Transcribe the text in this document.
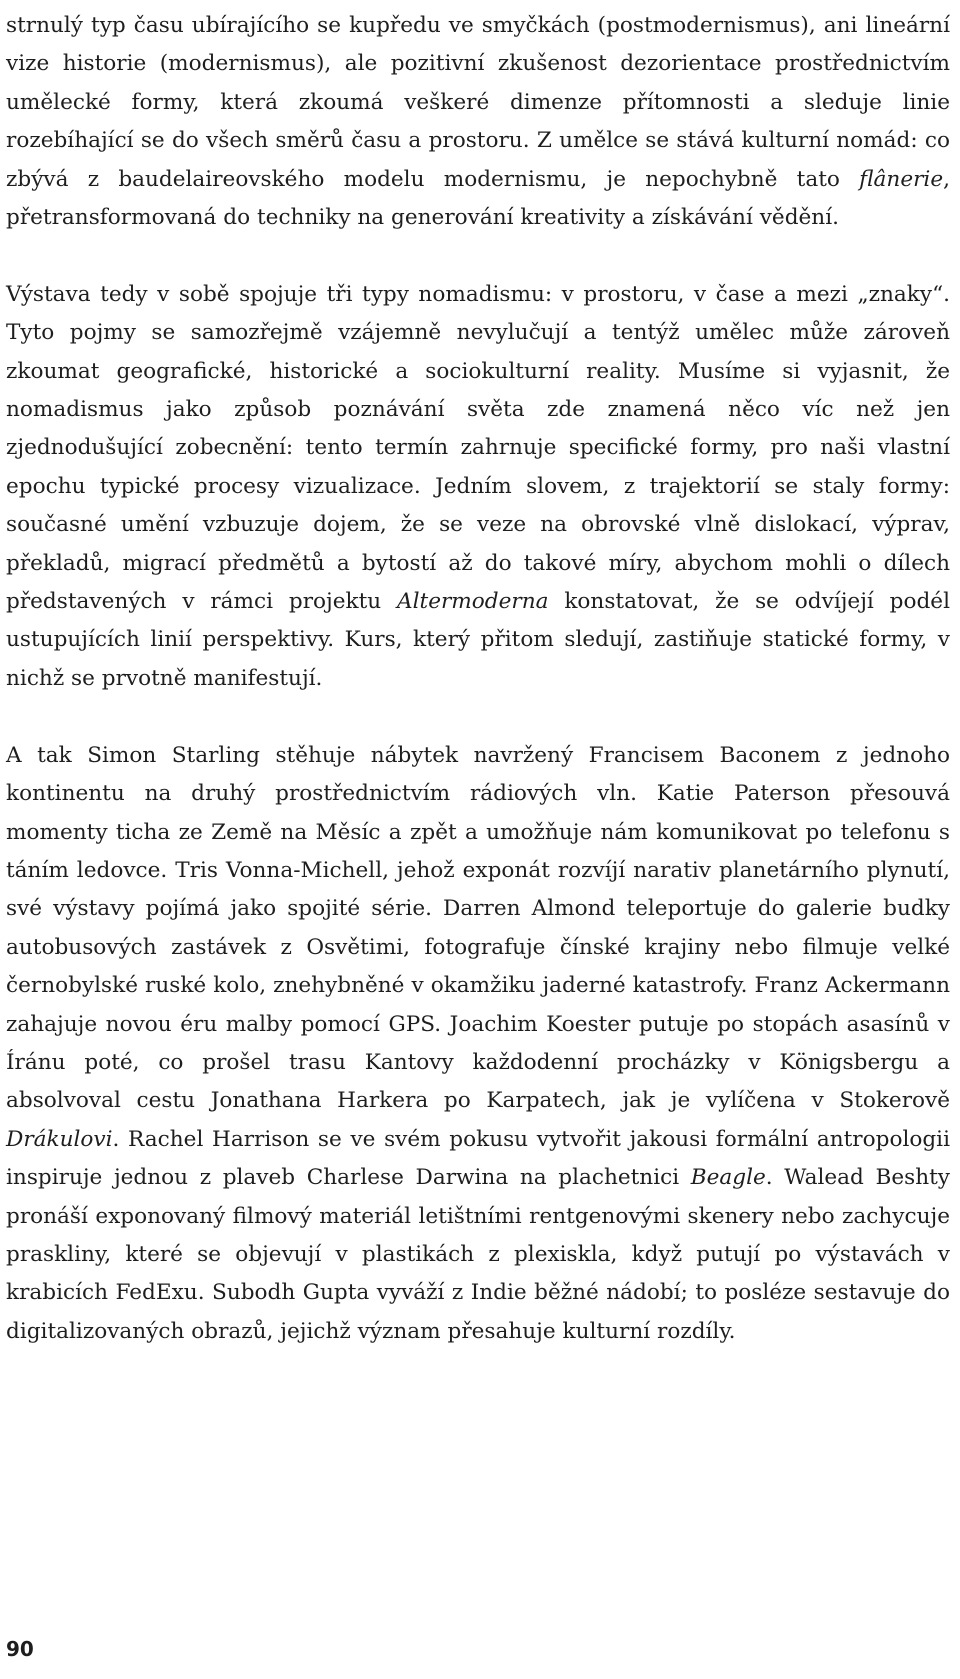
strnulý typ času ubírajícího se kupředu ve smyčkách (postmodernismus), ani lineární vize historie (modernismus), ale pozitivní zkušenost dezorientace prostřednictvím umělecké formy, která zkoumá veškeré dimenze přítomnosti a sleduje linie rozebíhající se do všech směrů času a prostoru. Z umělce se stává kulturní nomád: co zbývá z baudelaireovského modelu modernismu, je nepochybně tato flânerie, přetransformovaná do techniky na generování kreativity a získávání vědění.

Výstava tedy v sobě spojuje tři typy nomadismu: v prostoru, v čase a mezi „znaky“. Tyto pojmy se samozřejmě vzájemně nevylučují a tentýž umělec může zároveň zkoumat geografické, historické a sociokulturní reality. Musíme si vyjasnit, že nomadismus jako způsob poznávání světa zde znamená něco víc než jen zjednodušující zobecnění: tento termín zahrnuje specifické formy, pro naši vlastní epochu typické procesy vizualizace. Jedním slovem, z trajektorií se staly formy: současné umění vzbuzuje dojem, že se veze na obrovské vlně dislokací, výprav, překladů, migrací předmětů a bytostí až do takové míry, abychom mohli o dílech představených v rámci projektu Altermoderna konstatovat, že se odvíjejí podél ustupujících linií perspektivy. Kurs, který přitom sledují, zastiňuje statické formy, v nichž se prvotně manifestují.

A tak Simon Starling stěhuje nábytek navržený Francisem Baconem z jednoho kontinentu na druhý prostřednictvím rádiových vln. Katie Paterson přesouvá momenty ticha ze Země na Měsíc a zpět a umožňuje nám komunikovat po telefonu s táním ledovce. Tris Vonna-Michell, jehož exponát rozvíjí narativ planetárního plynutí, své výstavy pojímá jako spojité série. Darren Almond teleportuje do galerie budky autobusových zastávek z Osvětimi, fotografuje čínské krajiny nebo filmuje velké černobylské ruské kolo, znehybněné v okamžiku jaderné katastrofy. Franz Ackermann zahajuje novou éru malby pomocí GPS. Joachim Koester putuje po stopách asasínů v Íránu poté, co prošel trasu Kantovy každodenní procházky v Königsbergu a absolvoval cestu Jonathana Harkera po Karpatech, jak je vylíčena v Stokerově Drákulovi. Rachel Harrison se ve svém pokusu vytvořit jakousi formální antropologii inspiruje jednou z plaveb Charlese Darwina na plachetnici Beagle. Walead Beshty pronáší exponovaný filmový materiál letištními rentgenovými skenery nebo zachycuje praskliny, které se objevují v plastikách z plexiskla, když putují po výstavách v krabicích FedExu. Subodh Gupta vyváží z Indie běžné nádobí; to posléze sestavuje do digitalizovaných obrazů, jejichž význam přesahuje kulturní rozdíly.

90
